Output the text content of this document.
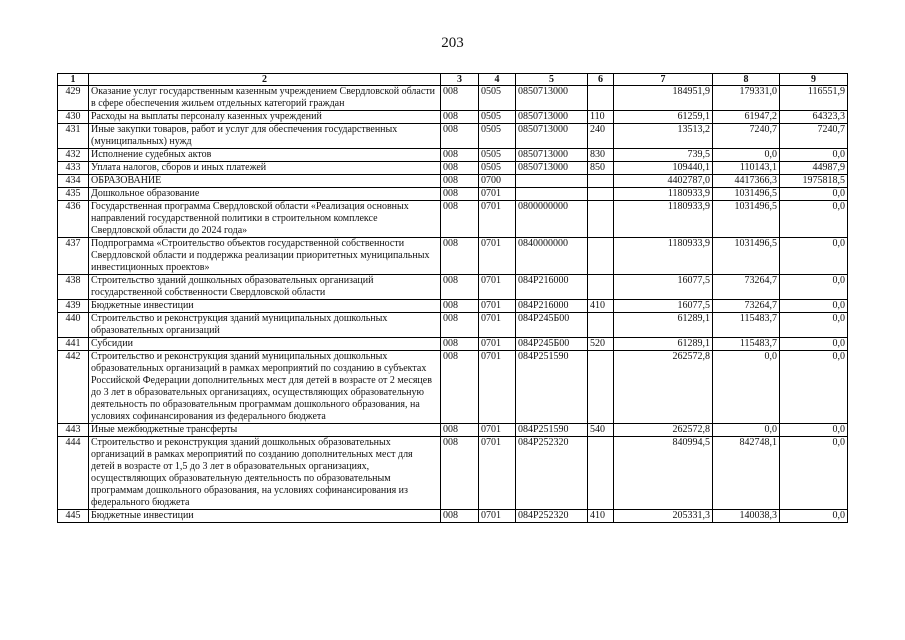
203
1	2	3	4	5	6	7	8	9
429	Оказание услуг государственным казенным учреждением Свердловской области в сфере обеспечения жильем отдельных категорий граждан	008	0505	0850713000		184951,9	179331,0	116551,9
430	Расходы на выплаты персоналу казенных учреждений	008	0505	0850713000	110	61259,1	61947,2	64323,3
431	Иные закупки товаров, работ и услуг для обеспечения государственных (муниципальных) нужд	008	0505	0850713000	240	13513,2	7240,7	7240,7
432	Исполнение судебных актов	008	0505	0850713000	830	739,5	0,0	0,0
433	Уплата налогов, сборов и иных платежей	008	0505	0850713000	850	109440,1	110143,1	44987,9
434	ОБРАЗОВАНИЕ	008	0700			4402787,0	4417366,3	1975818,5
435	Дошкольное образование	008	0701			1180933,9	1031496,5	0,0
436	Государственная программа Свердловской области «Реализация основных направлений государственной политики в строительном комплексе Свердловской области до 2024 года»	008	0701	0800000000		1180933,9	1031496,5	0,0
437	Подпрограмма «Строительство объектов государственной собственности Свердловской области и поддержка реализации приоритетных муниципальных инвестиционных проектов»	008	0701	0840000000		1180933,9	1031496,5	0,0
438	Строительство зданий дошкольных образовательных организаций государственной собственности Свердловской области	008	0701	084P216000		16077,5	73264,7	0,0
439	Бюджетные инвестиции	008	0701	084P216000	410	16077,5	73264,7	0,0
440	Строительство и реконструкция зданий муниципальных дошкольных образовательных организаций	008	0701	084P245Б00		61289,1	115483,7	0,0
441	Субсидии	008	0701	084P245Б00	520	61289,1	115483,7	0,0
442	Строительство и реконструкция зданий муниципальных дошкольных образовательных организаций в рамках мероприятий по созданию в субъектах Российской Федерации дополнительных мест для детей в возрасте от 2 месяцев до 3 лет в образовательных организациях, осуществляющих образовательную деятельность по образовательным программам дошкольного образования, на условиях софинансирования из федерального бюджета	008	0701	084P251590		262572,8	0,0	0,0
443	Иные межбюджетные трансферты	008	0701	084P251590	540	262572,8	0,0	0,0
444	Строительство и реконструкция зданий дошкольных образовательных организаций в рамках мероприятий по созданию дополнительных мест для детей в возрасте от 1,5 до 3 лет в образовательных организациях, осуществляющих образовательную деятельность по образовательным программам дошкольного образования, на условиях софинансирования из федерального бюджета	008	0701	084P252320		840994,5	842748,1	0,0
445	Бюджетные инвестиции	008	0701	084P252320	410	205331,3	140038,3	0,0
